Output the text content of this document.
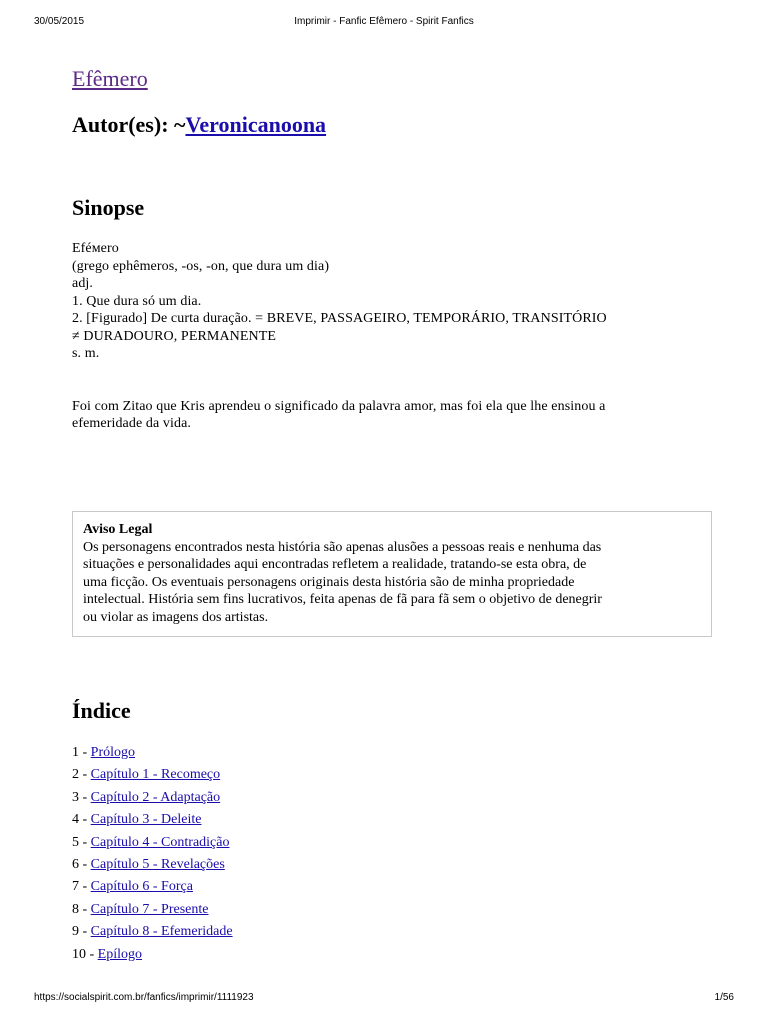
30/05/2015	Imprimir - Fanfic Efêmero - Spirit Fanfics
Efêmero
Autor(es): ~Veronicanoona
Sinopse
Eféмero
(grego ephêmeros, -os, -on, que dura um dia)
adj.
1. Que dura só um dia.
2. [Figurado] De curta duração. = BREVE, PASSAGEIRO, TEMPORÁRIO, TRANSITÓRIO
≠ DURADOURO, PERMANENTE
s. m.
Foi com Zitao que Kris aprendeu o significado da palavra amor, mas foi ela que lhe ensinou a
efemeridade da vida.
Aviso Legal
Os personagens encontrados nesta história são apenas alusões a pessoas reais e nenhuma das
situações e personalidades aqui encontradas refletem a realidade, tratando-se esta obra, de
uma ficção. Os eventuais personagens originais desta história são de minha propriedade
intelectual. História sem fins lucrativos, feita apenas de fã para fã sem o objetivo de denegrir
ou violar as imagens dos artistas.
Índice
1 - Prólogo
2 - Capítulo 1 - Recomeço
3 - Capítulo 2 - Adaptação
4 - Capítulo 3 - Deleite
5 - Capítulo 4 - Contradição
6 - Capítulo 5 - Revelações
7 - Capítulo 6 - Força
8 - Capítulo 7 - Presente
9 - Capítulo 8 - Efemeridade
10 - Epílogo
https://socialspirit.com.br/fanfics/imprimir/1111923	1/56
